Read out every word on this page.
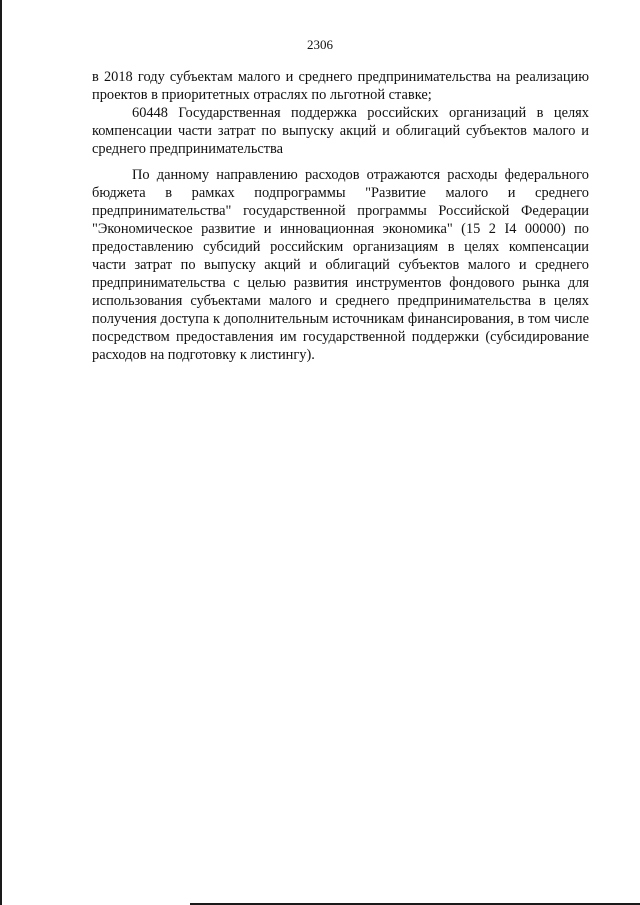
2306

в 2018 году субъектам малого и среднего предпринимательства на реализацию проектов в приоритетных отраслях по льготной ставке;

60448 Государственная поддержка российских организаций в целях компенсации части затрат по выпуску акций и облигаций субъектов малого и среднего предпринимательства

По данному направлению расходов отражаются расходы федерального бюджета в рамках подпрограммы "Развитие малого и среднего предпринимательства" государственной программы Российской Федерации "Экономическое развитие и инновационная экономика" (15 2 I4 00000) по предоставлению субсидий российским организациям в целях компенсации части затрат по выпуску акций и облигаций субъектов малого и среднего предпринимательства с целью развития инструментов фондового рынка для использования субъектами малого и среднего предпринимательства в целях получения доступа к дополнительным источникам финансирования, в том числе посредством предоставления им государственной поддержки (субсидирование расходов на подготовку к листингу).
